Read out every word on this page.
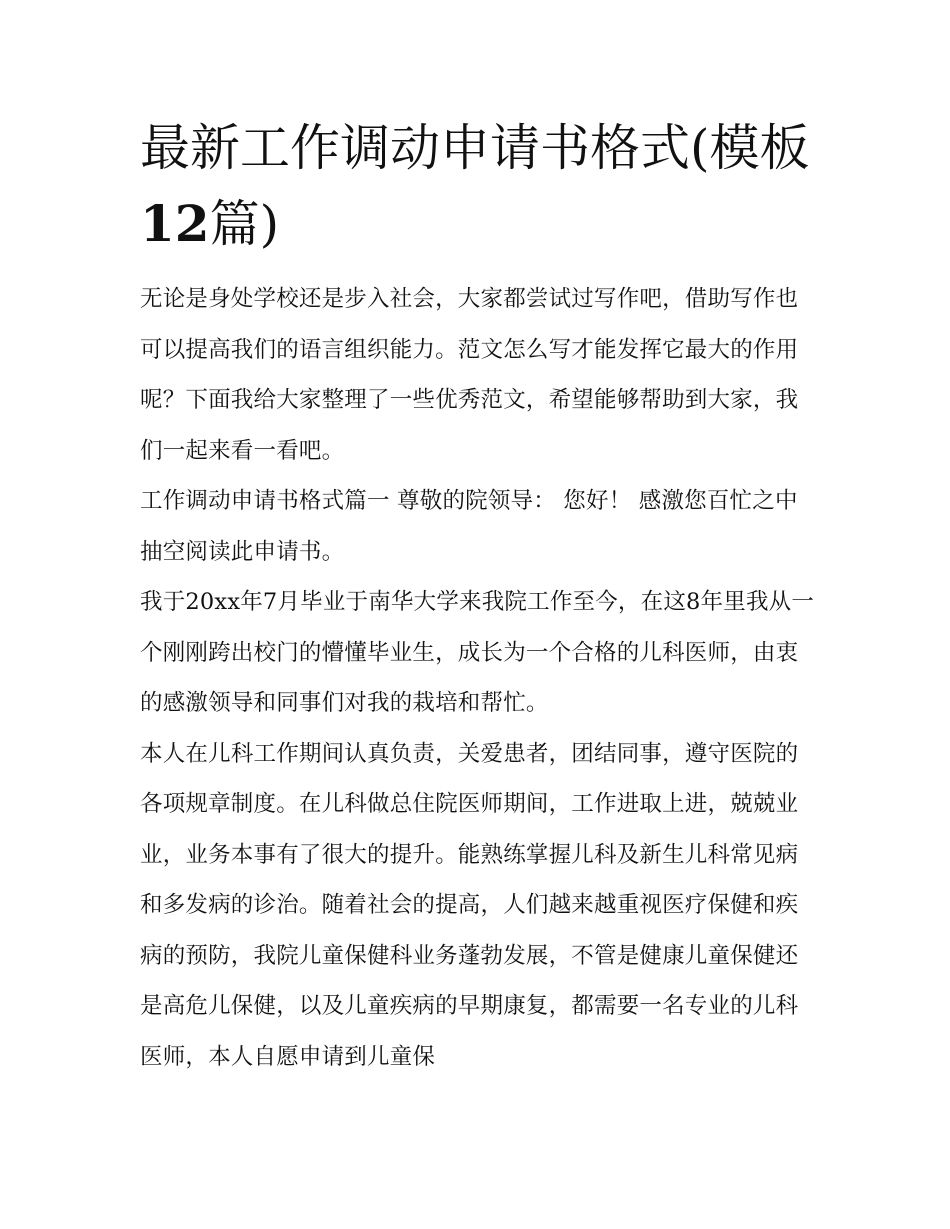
最新工作调动申请书格式(模板12篇)

无论是身处学校还是步入社会，大家都尝试过写作吧，借助写作也可以提高我们的语言组织能力。范文怎么写才能发挥它最大的作用呢？下面我给大家整理了一些优秀范文，希望能够帮助到大家，我们一起来看一看吧。

工作调动申请书格式篇一 尊敬的院领导： 您好！ 感激您百忙之中抽空阅读此申请书。

我于20xx年7月毕业于南华大学来我院工作至今，在这8年里我从一个刚刚跨出校门的懵懂毕业生，成长为一个合格的儿科医师，由衷的感激领导和同事们对我的栽培和帮忙。

本人在儿科工作期间认真负责，关爱患者，团结同事，遵守医院的各项规章制度。在儿科做总住院医师期间，工作进取上进，兢兢业业，业务本事有了很大的提升。能熟练掌握儿科及新生儿科常见病和多发病的诊治。随着社会的提高，人们越来越重视医疗保健和疾病的预防，我院儿童保健科业务蓬勃发展，不管是健康儿童保健还是高危儿保健，以及儿童疾病的早期康复，都需要一名专业的儿科医师，本人自愿申请到儿童保
